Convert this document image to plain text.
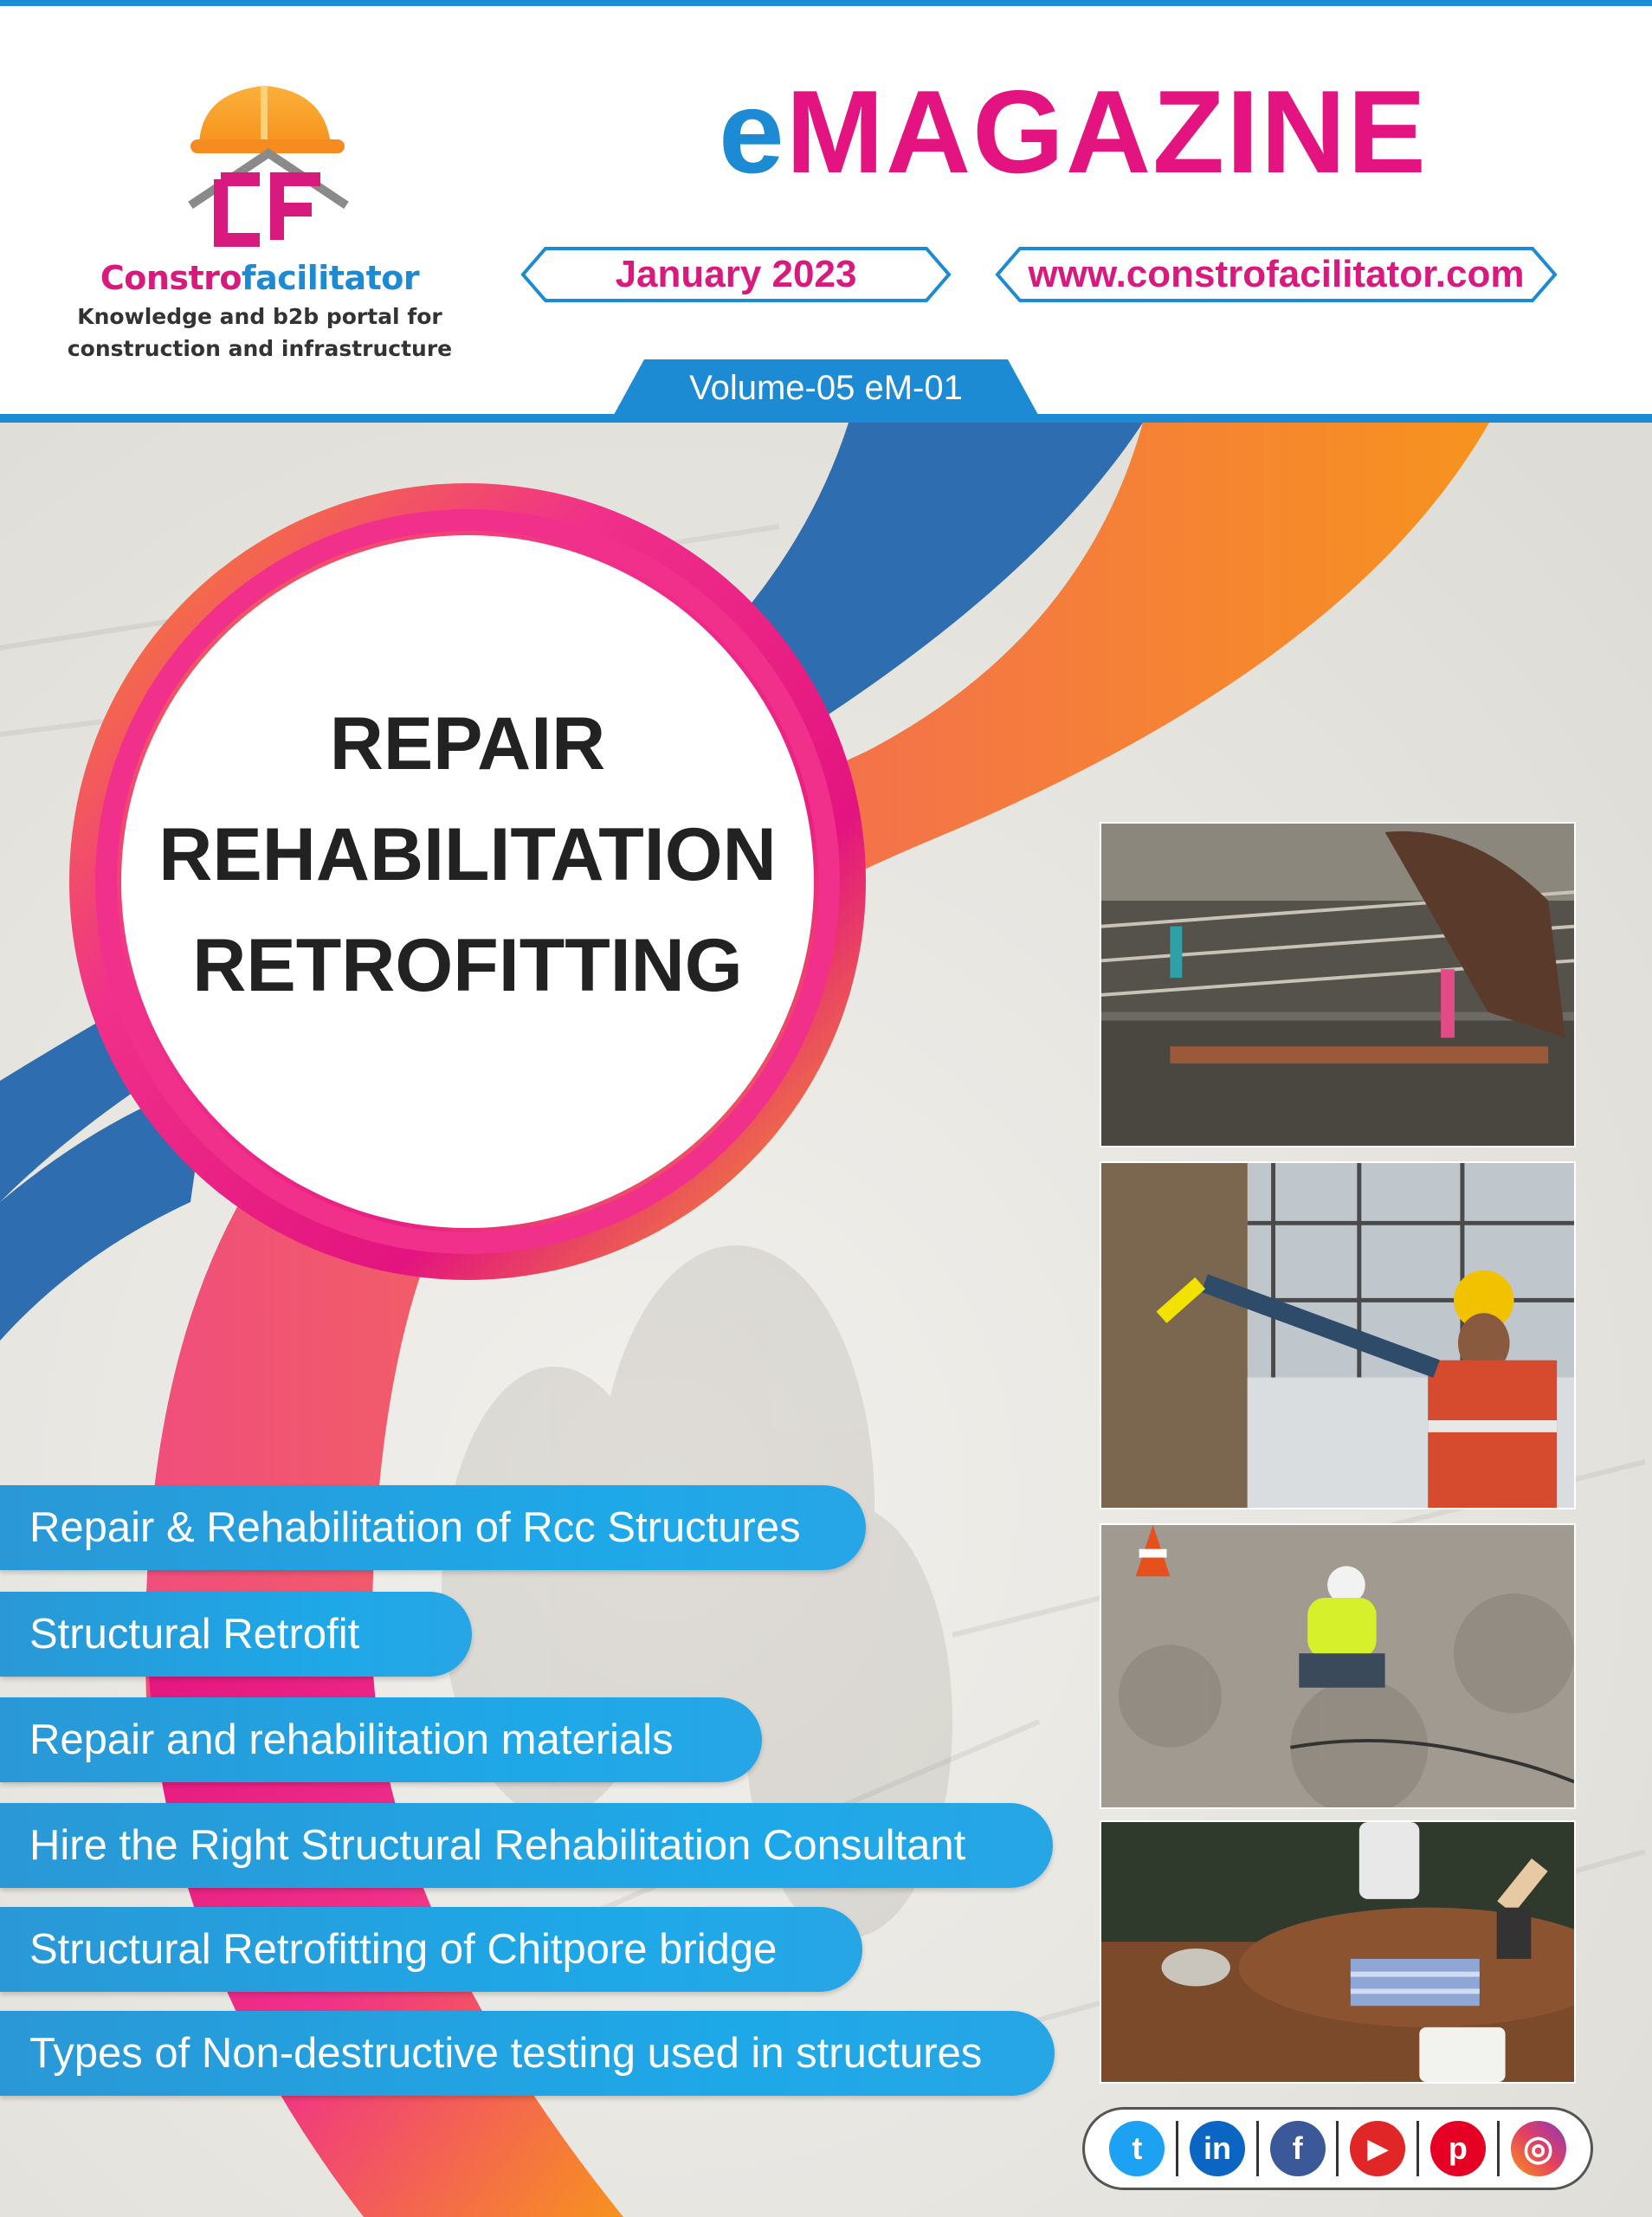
Constrofacilitator
Knowledge and b2b portal for
construction and infrastructure
eMAGAZINE
January 2023	www.constrofacilitator.com
Volume-05 eM-01
REPAIR
REHABILITATION
RETROFITTING
Repair & Rehabilitation of Rcc Structures
Structural Retrofit
Repair and rehabilitation materials
Hire the Right Structural Rehabilitation Consultant
Structural Retrofitting of Chitpore bridge
Types of Non-destructive testing used in structures
t	in	f	▶	p	◎
